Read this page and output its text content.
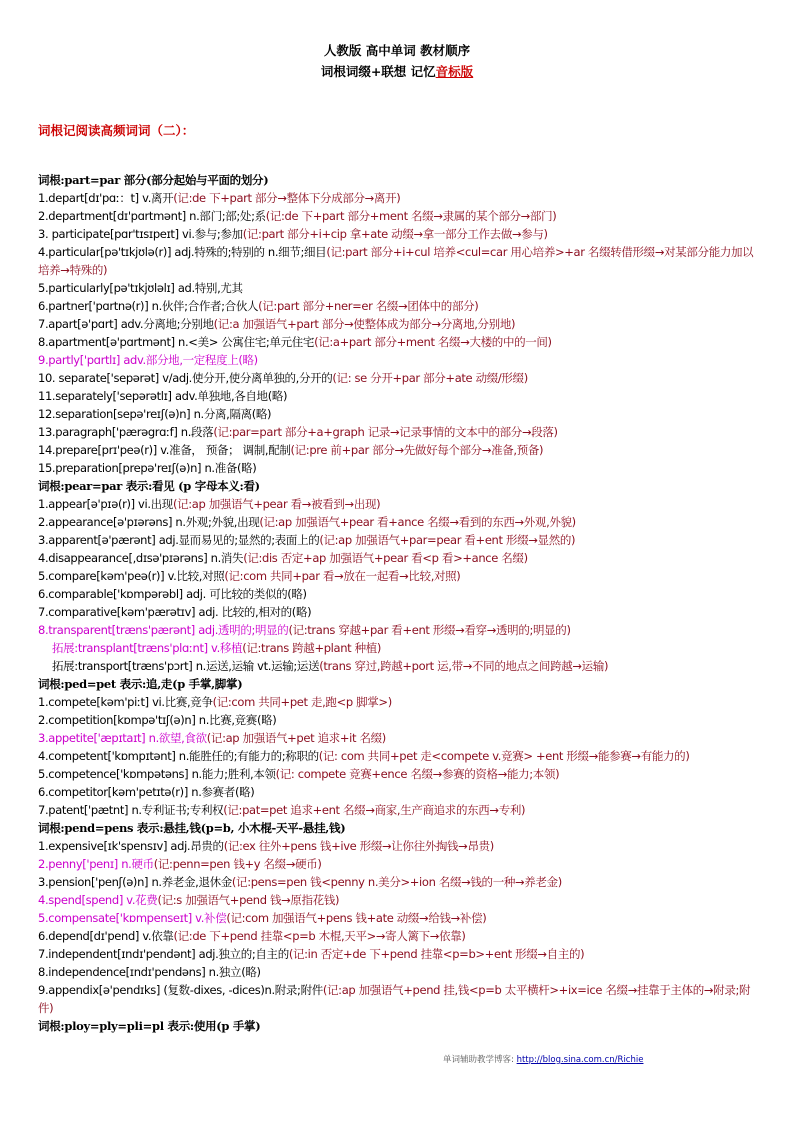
人教版 高中单词 教材顺序
词根词缀+联想 记忆音标版
词根记阅读高频词词（二）：
词根:part=par 部分(部分起始与平面的划分)
1.depart[dɪ'pɑː：t] v.离开(记:de 下+part 部分→整体下分成部分→离开)
2.department[dɪ'pɑrtmənt] n.部门;部;处;系(记:de 下+part 部分+ment 名缀→隶属的某个部分→部门)
3. participate[pɑr'tɪsɪpeɪt] vi.参与;参加(记:part 部分+i+cip 拿+ate 动缀→拿一部分工作去做→参与)
4.particular[pə'tɪkjʊlə(r)] adj.特殊的;特别的 n.细节;细目(记:part 部分+i+cul 培养<cul=car 用心培养>+ar 名缀转借形缀→对某部分能力加以培养→特殊的)
5.particularly[pə'tɪkjʊləlɪ] ad.特别,尤其
6.partner['pɑrtnə(r)] n.伙伴;合作者;合伙人(记:part 部分+ner=er 名缀→团体中的部分)
7.apart[ə'pɑrt] adv.分离地;分别地(记:a 加强语气+part 部分→使整体成为部分→分离地,分别地)
8.apartment[ə'pɑrtmənt] n.<美> 公寓住宅;单元住宅(记:a+part 部分+ment 名缀→大楼的中的一间)
9.partly['pɑrtlɪ] adv.部分地,一定程度上(略)
10. separate['sepərət] v/adj.使分开,使分离单独的,分开的(记: se 分开+par 部分+ate 动缀/形缀)
11.separately['sepərətlɪ] adv.单独地,各自地(略)
12.separation[sepə'reɪʃ(ə)n] n.分离,隔离(略)
13.paragraph['pærəgrɑːf] n.段落(记:par=part 部分+a+graph 记录→记录事情的文本中的部分→段落)
14.prepare[prɪ'peə(r)] v.准备， 预备； 调制,配制(记:pre 前+par 部分→先做好每个部分→准备,预备)
15.preparation[prepə'reɪʃ(ə)n] n.准备(略)
词根:pear=par 表示:看见 (p 字母本义:看)
1.appear[ə'pɪə(r)] vi.出现(记:ap 加强语气+pear 看→被看到→出现)
2.appearance[ə'pɪərəns] n.外观;外貌,出现(记:ap 加强语气+pear 看+ance 名缀→看到的东西→外观,外貌)
3.apparent[ə'pærənt] adj.显而易见的;显然的;表面上的(记:ap 加强语气+par=pear 看+ent 形缀→显然的)
4.disappearance[,dɪsə'pɪərəns] n.消失(记:dis 否定+ap 加强语气+pear 看<p 看>+ance 名缀)
5.compare[kəm'peə(r)] v.比较,对照(记:com 共同+par 看→放在一起看→比较,对照)
6.comparable['kɒmpərəbl] adj. 可比较的类似的(略)
7.comparative[kəm'pærətɪv] adj. 比较的,相对的(略)
8.transparent[træns'pærənt] adj.透明的;明显的(记:trans 穿越+par 看+ent 形缀→看穿→透明的;明显的)
拓展:transplant[træns'plɑːnt] v.移植(记:trans 跨越+plant 种植)
拓展:transport[træns'pɔrt] n.运送,运输 vt.运输;运送(trans 穿过,跨越+port 运,带→不同的地点之间跨越→运输)
词根:ped=pet 表示:追,走(p 手掌,脚掌)
1.compete[kəm'piːt] vi.比赛,竞争(记:com 共同+pet 走,跑<p 脚掌>)
2.competition[kɒmpə'tɪʃ(ə)n] n.比赛,竞赛(略)
3.appetite['æpɪtaɪt] n.欲望,食欲(记:ap 加强语气+pet 追求+it 名缀)
4.competent['kɒmpɪtənt] n.能胜任的;有能力的;称职的(记: com 共同+pet 走<compete v.竞赛> +ent 形缀→能参赛→有能力的)
5.competence['kɒmpətəns] n.能力;胜利,本领(记: compete 竞赛+ence 名缀→参赛的资格→能力;本领)
6.competitor[kəm'petɪtə(r)] n.参赛者(略)
7.patent['pætnt] n.专利证书;专利权(记:pat=pet 追求+ent 名缀→商家,生产商追求的东西→专利)
词根:pend=pens 表示:悬挂,钱(p=b, 小木棍-天平-悬挂,钱)
1.expensive[ɪk'spensɪv] adj.昂贵的(记:ex 往外+pens 钱+ive 形缀→让你往外掏钱→昂贵)
2.penny['penɪ] n.硬币(记:penn=pen 钱+y 名缀→硬币)
3.pension['penʃ(ə)n] n.养老金,退休金(记:pens=pen 钱<penny n.美分>+ion 名缀→钱的一种→养老金)
4.spend[spend] v.花费(记:s 加强语气+pend 钱→原指花钱)
5.compensate['kɒmpenseɪt] v.补偿(记:com 加强语气+pens 钱+ate 动缀→给钱→补偿)
6.depend[dɪ'pend] v.依靠(记:de 下+pend 挂靠<p=b 木棍,天平>→寄人篱下→依靠)
7.independent[ɪndɪ'pendənt] adj.独立的;自主的(记:in 否定+de 下+pend 挂靠<p=b>+ent 形缀→自主的)
8.independence[ɪndɪ'pendəns] n.独立(略)
9.appendix[ə'pendɪks] (复数-dixes, -dices)n.附录;附件(记:ap 加强语气+pend 挂,钱<p=b 太平横杆>+ix=ice 名缀→挂靠于主体的→附录;附件)
词根:ploy=ply=pli=pl 表示:使用(p 手掌)
单词辅助教学博客: http://blog.sina.com.cn/Richie
